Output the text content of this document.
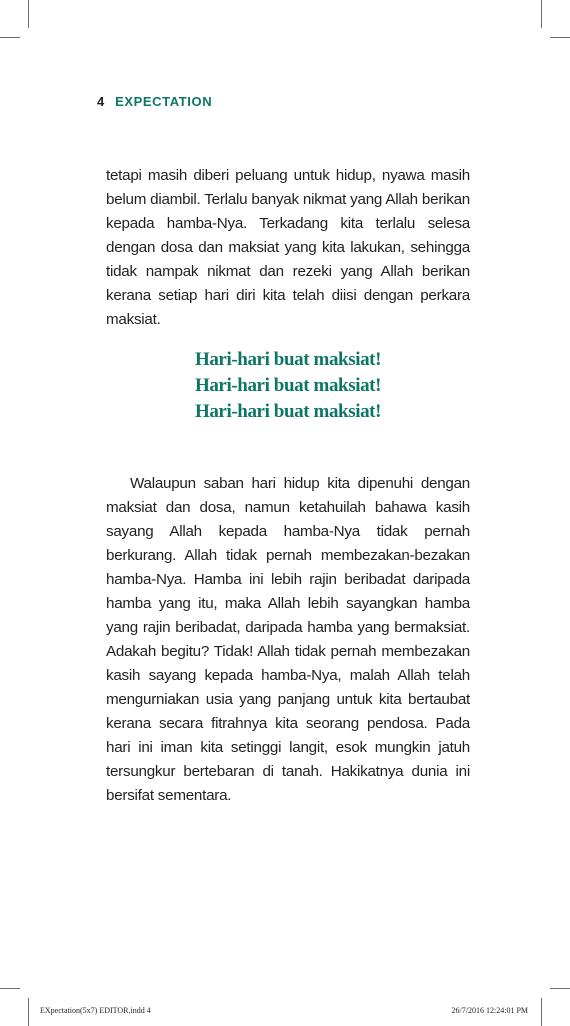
4 EXPECTATION
tetapi masih diberi peluang untuk hidup, nyawa masih belum diambil. Terlalu banyak nikmat yang Allah berikan kepada hamba-Nya. Terkadang kita terlalu selesa dengan dosa dan maksiat yang kita lakukan, sehingga tidak nampak nikmat dan rezeki yang Allah berikan kerana setiap hari diri kita telah diisi dengan perkara maksiat.
Hari-hari buat maksiat!
Hari-hari buat maksiat!
Hari-hari buat maksiat!
Walaupun saban hari hidup kita dipenuhi dengan maksiat dan dosa, namun ketahuilah bahawa kasih sayang Allah kepada hamba-Nya tidak pernah berkurang. Allah tidak pernah membezakan-bezakan hamba-Nya. Hamba ini lebih rajin beribadat daripada hamba yang itu, maka Allah lebih sayangkan hamba yang rajin beribadat, daripada hamba yang bermaksiat. Adakah begitu? Tidak! Allah tidak pernah membezakan kasih sayang kepada hamba-Nya, malah Allah telah mengurniakan usia yang panjang untuk kita bertaubat kerana secara fitrahnya kita seorang pendosa. Pada hari ini iman kita setinggi langit, esok mungkin jatuh tersungkur bertebaran di tanah. Hakikatnya dunia ini bersifat sementara.
EXpectation(5x7) EDITOR.indd 4	26/7/2016 12:24:01 PM
